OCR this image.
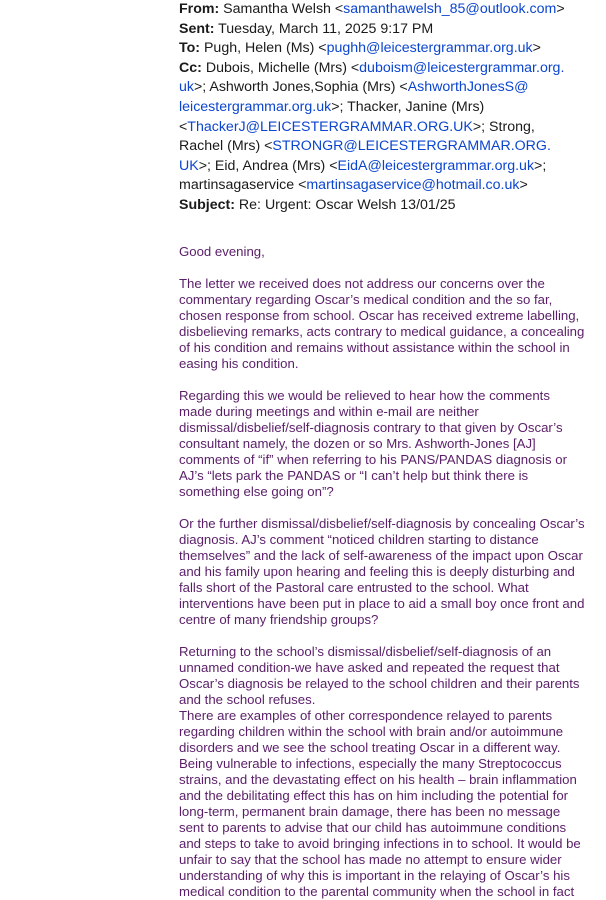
From: Samantha Welsh <samanthawelsh_85@outlook.com>

Sent: Tuesday, March 11, 2025 9:17 PM

To: Pugh, Helen (Ms) <pughh@leicestergrammar.org.uk>

Cc: Dubois, Michelle (Mrs) <duboism@leicestergrammar.org.
uk>; Ashworth Jones,Sophia (Mrs) <AshworthJonesS@
leicestergrammar.org.uk>; Thacker, Janine (Mrs)
<ThackerJ@LEICESTERGRAMMAR.ORG.UK>; Strong,
Rachel (Mrs) <STRONGR@LEICESTERGRAMMAR.ORG.
UK>; Eid, Andrea (Mrs) <EidA@leicestergrammar.org.uk>;
martinsagaservice <martinsagaservice@hotmail.co.uk>

Subject: Re: Urgent: Oscar Welsh 13/01/25

Good evening,

The letter we received does not address our concerns over the
commentary regarding Oscar’s medical condition and the so far,
chosen response from school. Oscar has received extreme labelling,
disbelieving remarks, acts contrary to medical guidance, a concealing
of his condition and remains without assistance within the school in
easing his condition.

Regarding this we would be relieved to hear how the comments
made during meetings and within e-mail are neither
dismissal/disbelief/self-diagnosis contrary to that given by Oscar’s
consultant namely, the dozen or so Mrs. Ashworth-Jones [AJ]
comments of “if” when referring to his PANS/PANDAS diagnosis or
AJ’s “lets park the PANDAS or “I can’t help but think there is
something else going on”?

Or the further dismissal/disbelief/self-diagnosis by concealing Oscar’s
diagnosis. AJ’s comment “noticed children starting to distance
themselves” and the lack of self-awareness of the impact upon Oscar
and his family upon hearing and feeling this is deeply disturbing and
falls short of the Pastoral care entrusted to the school. What
interventions have been put in place to aid a small boy once front and
centre of many friendship groups?

Returning to the school’s dismissal/disbelief/self-diagnosis of an
unnamed condition-we have asked and repeated the request that
Oscar’s diagnosis be relayed to the school children and their parents
and the school refuses.
There are examples of other correspondence relayed to parents
regarding children within the school with brain and/or autoimmune
disorders and we see the school treating Oscar in a different way.
Being vulnerable to infections, especially the many Streptococcus
strains, and the devastating effect on his health – brain inflammation
and the debilitating effect this has on him including the potential for
long-term, permanent brain damage, there has been no message
sent to parents to advise that our child has autoimmune conditions
and steps to take to avoid bringing infections in to school. It would be
unfair to say that the school has made no attempt to ensure wider
understanding of why this is important in the relaying of Oscar’s his
medical condition to the parental community when the school in fact
